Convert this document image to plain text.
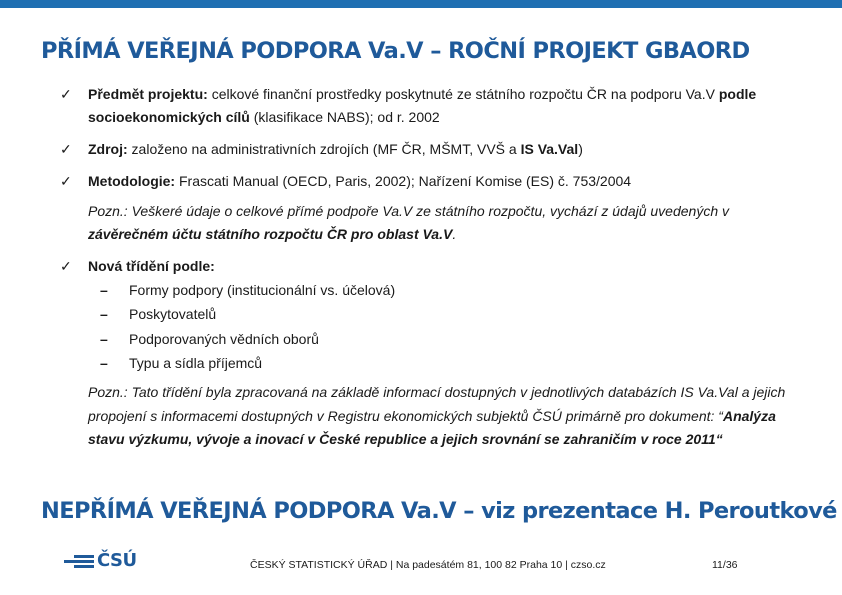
PŘÍMÁ VEŘEJNÁ PODPORA Va.V – ROČNÍ PROJEKT GBAORD
✓ Předmět projektu: celkové finanční prostředky poskytnuté ze státního rozpočtu ČR na podporu Va.V podle socioekonomických cílů (klasifikace NABS); od r. 2002
✓ Zdroj: založeno na administrativních zdrojích (MF ČR, MŠMT, VVŠ a IS Va.Val)
✓ Metodologie: Frascati Manual (OECD, Paris, 2002); Nařízení Komise (ES) č. 753/2004
Pozn.: Veškeré údaje o celkové přímé podpoře Va.V ze státního rozpočtu, vychází z údajů uvedených v závěrečném účtu státního rozpočtu ČR pro oblast Va.V.
✓ Nová třídění podle:
– Formy podpory (institucionální vs. účelová)
– Poskytovatelů
– Podporovaných vědních oborů
– Typu a sídla příjemců
Pozn.: Tato třídění byla zpracovaná na základě informací dostupných v jednotlivých databázích IS Va.Val a jejich propojení s informacemi dostupných v Registru ekonomických subjektů ČSÚ primárně pro dokument: “Analýza stavu výzkumu, vývoje a inovací v České republice a jejich srovnání se zahraničím v roce 2011“
NEPŘÍMÁ VEŘEJNÁ PODPORA Va.V – viz prezentace H. Peroutkové
ČSÚ	ČESKÝ STATISTICKÝ ÚŘAD | Na padesátém 81, 100 82 Praha 10 | czso.cz	11/36
